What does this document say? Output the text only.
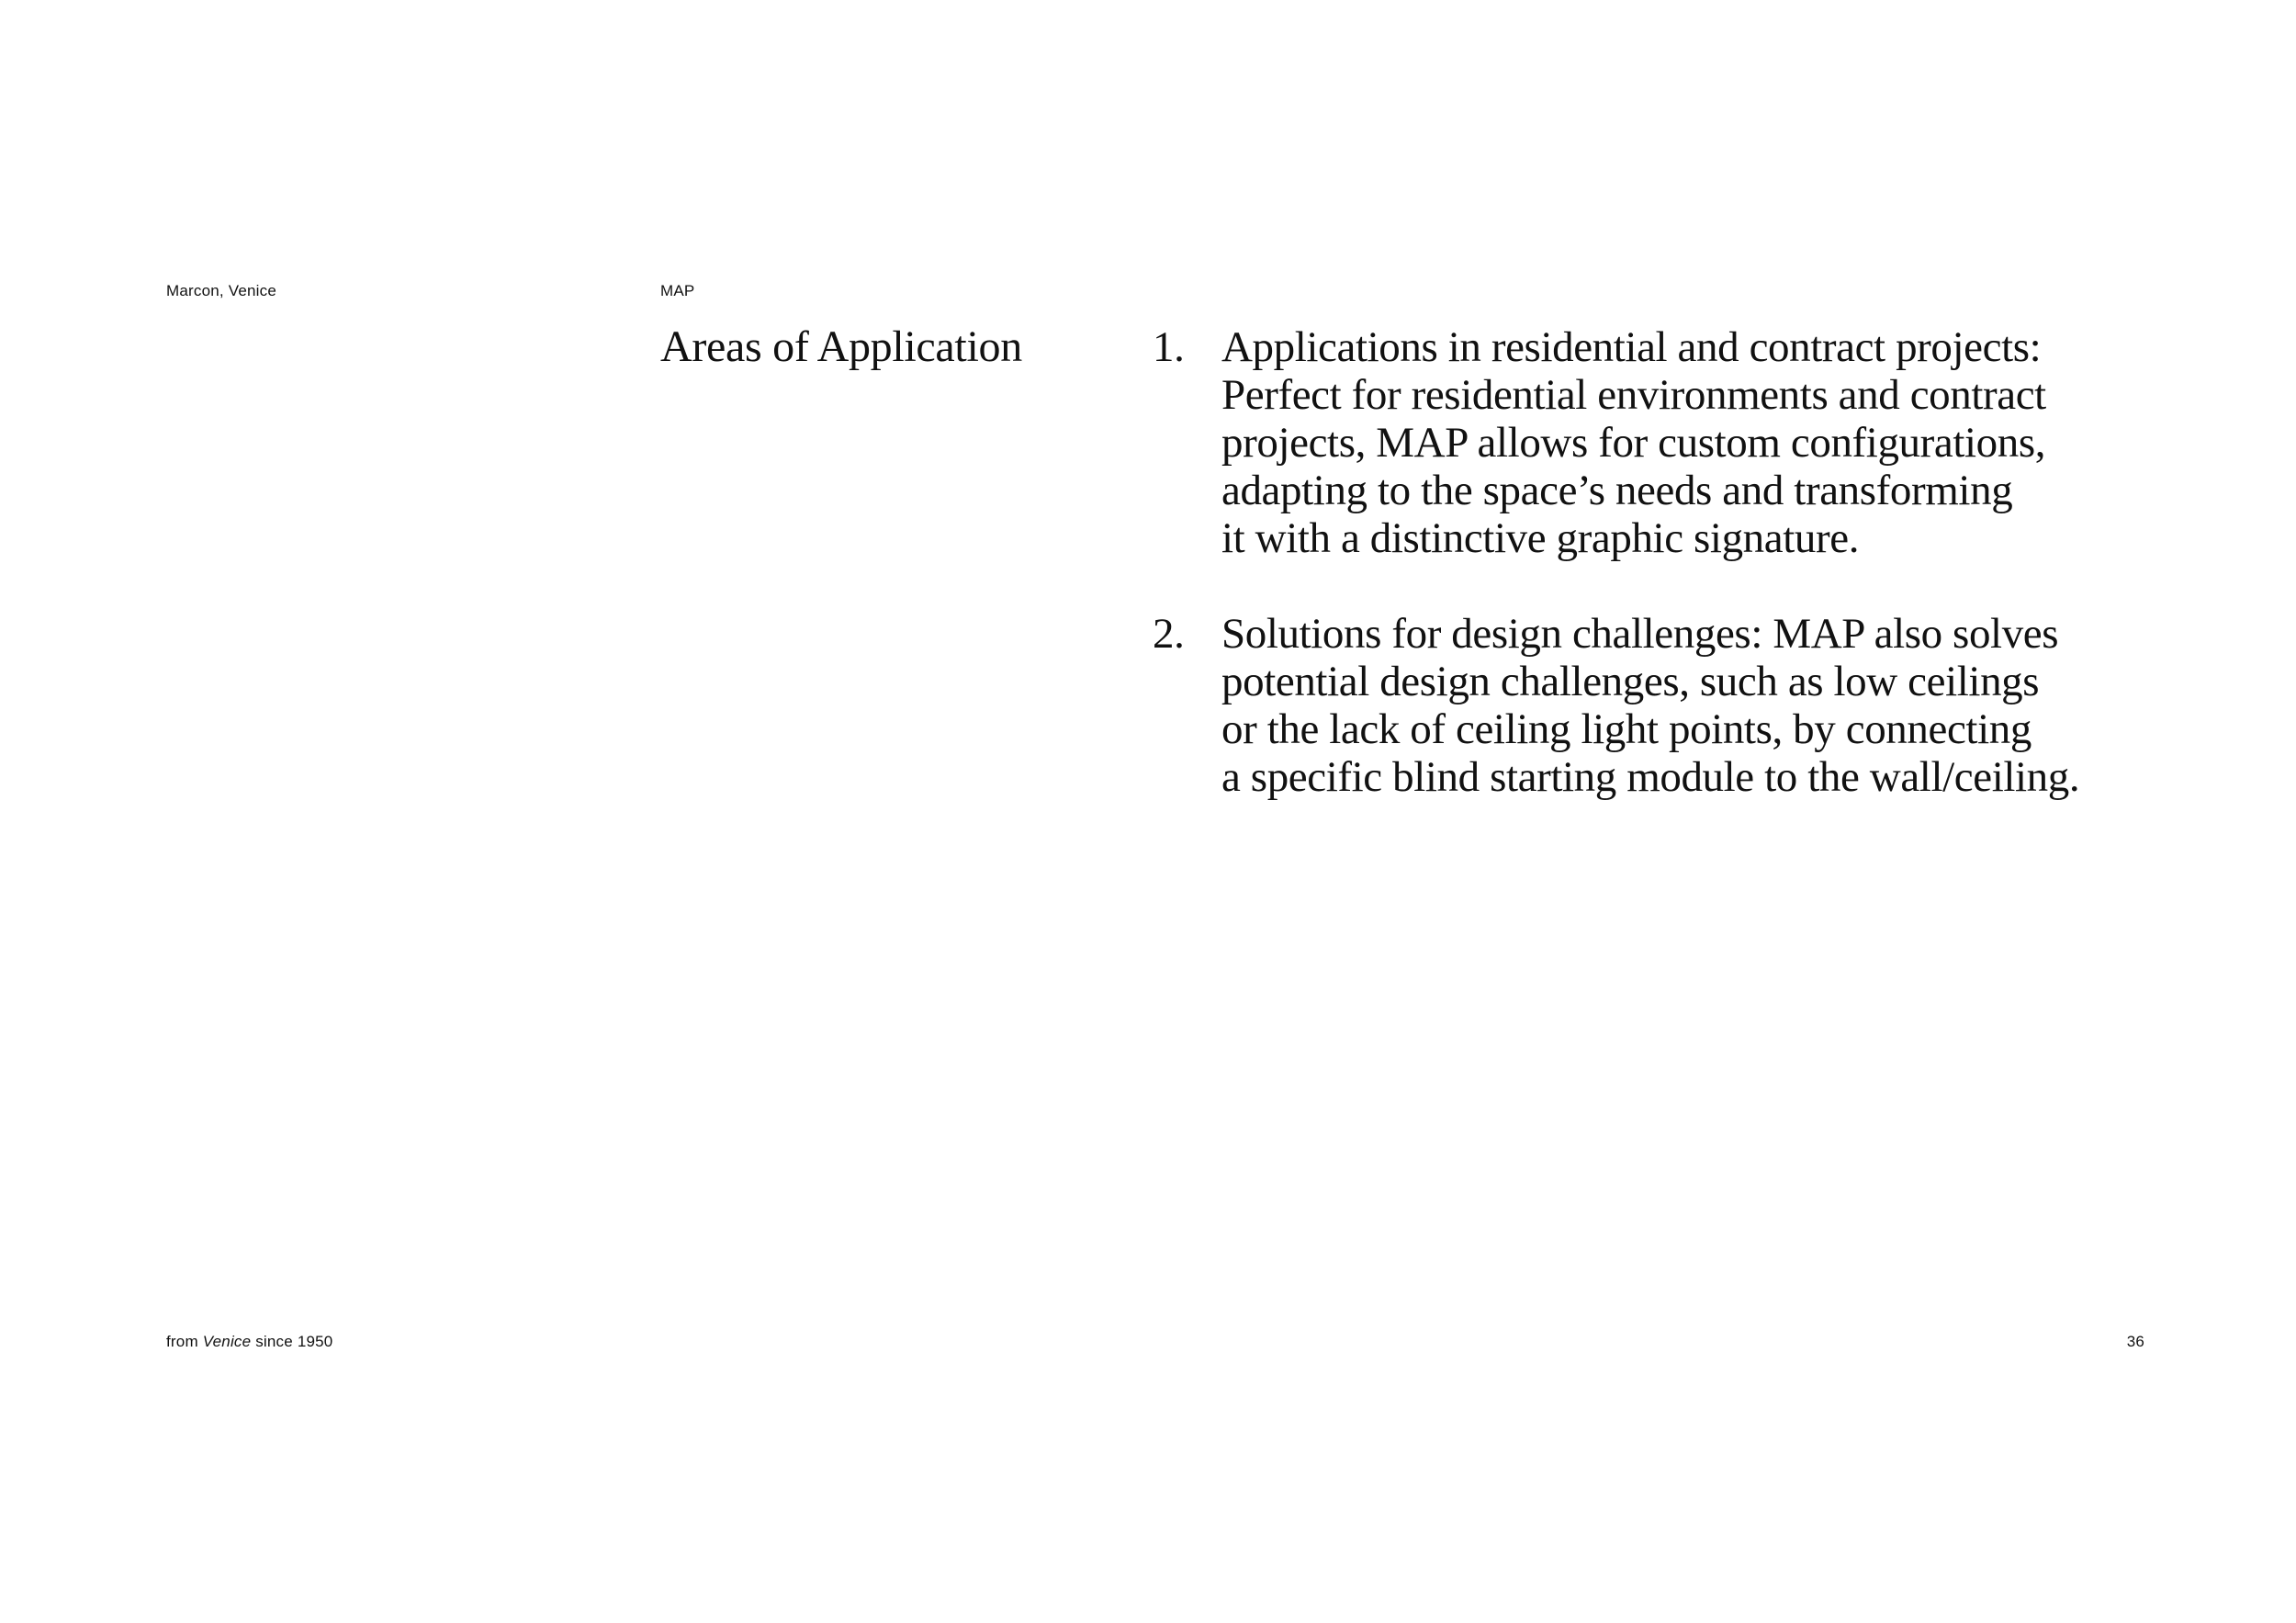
Marcon, Venice	MAP
Areas of Application	1. Applications in residential and contract projects:
Perfect for residential environments and contract
projects, MAP allows for custom configurations,
adapting to the space’s needs and transforming
it with a distinctive graphic signature.
2. Solutions for design challenges: MAP also solves
potential design challenges, such as low ceilings
or the lack of ceiling light points, by connecting
a specific blind starting module to the wall/ceiling.
from Venice since 1950	36
